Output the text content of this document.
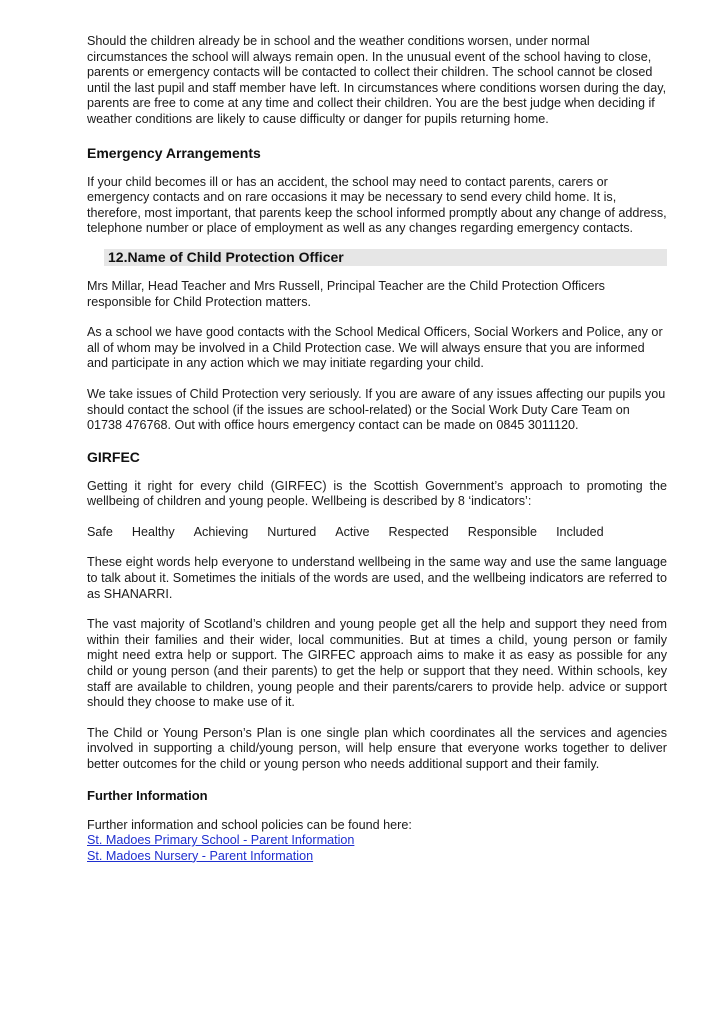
Should the children already be in school and the weather conditions worsen, under normal circumstances the school will always remain open. In the unusual event of the school having to close, parents or emergency contacts will be contacted to collect their children. The school cannot be closed until the last pupil and staff member have left. In circumstances where conditions worsen during the day, parents are free to come at any time and collect their children. You are the best judge when deciding if weather conditions are likely to cause difficulty or danger for pupils returning home.

Emergency Arrangements

If your child becomes ill or has an accident, the school may need to contact parents, carers or emergency contacts and on rare occasions it may be necessary to send every child home. It is, therefore, most important, that parents keep the school informed promptly about any change of address, telephone number or place of employment as well as any changes regarding emergency contacts.

12.Name of Child Protection Officer

Mrs Millar, Head Teacher and Mrs Russell, Principal Teacher are the Child Protection Officers responsible for Child Protection matters.

As a school we have good contacts with the School Medical Officers, Social Workers and Police, any or all of whom may be involved in a Child Protection case. We will always ensure that you are informed and participate in any action which we may initiate regarding your child.

We take issues of Child Protection very seriously. If you are aware of any issues affecting our pupils you should contact the school (if the issues are school-related) or the Social Work Duty Care Team on 01738 476768. Out with office hours emergency contact can be made on 0845 3011120.

GIRFEC

Getting it right for every child (GIRFEC) is the Scottish Government’s approach to promoting the wellbeing of children and young people. Wellbeing is described by 8 ‘indicators’:

Safe Healthy Achieving Nurtured Active Respected Responsible Included

These eight words help everyone to understand wellbeing in the same way and use the same language to talk about it. Sometimes the initials of the words are used, and the wellbeing indicators are referred to as SHANARRI.

The vast majority of Scotland’s children and young people get all the help and support they need from within their families and their wider, local communities. But at times a child, young person or family might need extra help or support. The GIRFEC approach aims to make it as easy as possible for any child or young person (and their parents) to get the help or support that they need. Within schools, key staff are available to children, young people and their parents/carers to provide help. advice or support should they choose to make use of it.

The Child or Young Person’s Plan is one single plan which coordinates all the services and agencies involved in supporting a child/young person, will help ensure that everyone works together to deliver better outcomes for the child or young person who needs additional support and their family.

Further Information

Further information and school policies can be found here:

St. Madoes Primary School - Parent Information
St. Madoes Nursery - Parent Information
